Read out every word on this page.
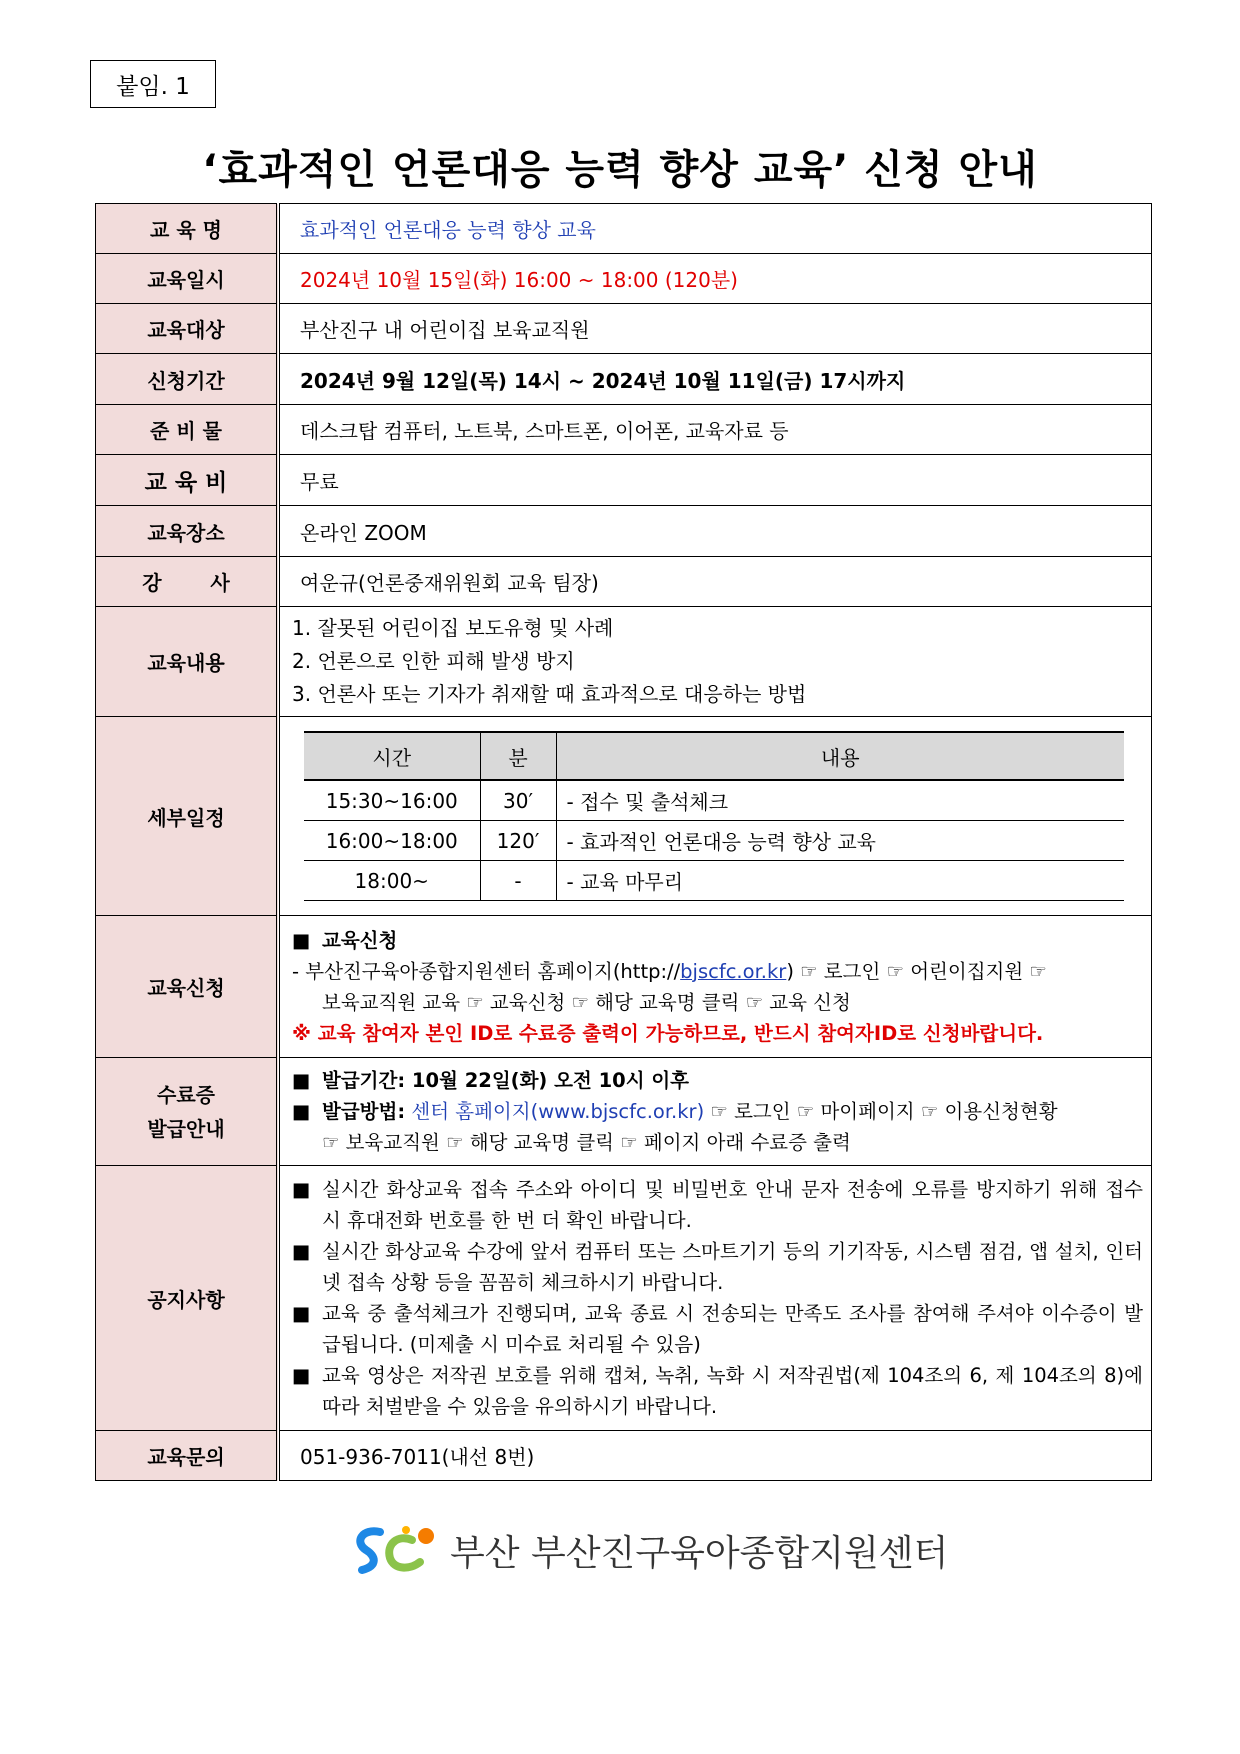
붙임. 1
‘효과적인 언론대응 능력 향상 교육’ 신청 안내
교 육 명	효과적인 언론대응 능력 향상 교육
교육일시	2024년 10월 15일(화) 16:00 ~ 18:00 (120분)
교육대상	부산진구 내 어린이집 보육교직원
신청기간	2024년 9월 12일(목) 14시 ~ 2024년 10월 11일(금) 17시까지
준 비 물	데스크탑 컴퓨터, 노트북, 스마트폰, 이어폰, 교육자료 등
교 육 비	무료
교육장소	온라인 ZOOM
강       사	여운규(언론중재위원회 교육 팀장)
교육내용	
1. 잘못된 어린이집 보도유형 및 사례
2. 언론으로 인한 피해 발생 방지
3. 언론사 또는 기자가 취재할 때 효과적으로 대응하는 방법

세부일정	
시간	분	내용
15:30~16:00	30′	- 접수 및 출석체크
16:00~18:00	120′	- 효과적인 언론대응 능력 향상 교육
18:00~	-	- 교육 마무리

교육신청	
■ 교육신청
- 부산진구육아종합지원센터 홈페이지(http://bjscfc.or.kr) ☞ 로그인 ☞ 어린이집지원 ☞
보육교직원 교육 ☞ 교육신청 ☞ 해당 교육명 클릭 ☞ 교육 신청
※ 교육 참여자 본인 ID로 수료증 출력이 가능하므로, 반드시 참여자ID로 신청바랍니다.

수료증
발급안내

■ 발급기간: 10월 22일(화) 오전 10시 이후
■ 발급방법: 센터 홈페이지(www.bjscfc.or.kr) ☞ 로그인 ☞ 마이페이지 ☞ 이용신청현황
☞ 보육교직원 ☞ 해당 교육명 클릭 ☞ 페이지 아래 수료증 출력

공지사항	
■ 실시간 화상교육 접속 주소와 아이디 및 비밀번호 안내 문자 전송에 오류를 방지하기 위해 접수 시 휴대전화 번호를 한 번 더 확인 바랍니다.
■ 실시간 화상교육 수강에 앞서 컴퓨터 또는 스마트기기 등의 기기작동, 시스템 점검, 앱 설치, 인터넷 접속 상황 등을 꼼꼼히 체크하시기 바랍니다.
■ 교육 중 출석체크가 진행되며, 교육 종료 시 전송되는 만족도 조사를 참여해 주셔야 이수증이 발급됩니다. (미제출 시 미수료 처리될 수 있음)
■ 교육 영상은 저작권 보호를 위해 캡쳐, 녹취, 녹화 시 저작권법(제 104조의 6, 제 104조의 8)에 따라 처벌받을 수 있음을 유의하시기 바랍니다.

교육문의	051-936-7011(내선 8번)
부산 부산진구육아종합지원센터
